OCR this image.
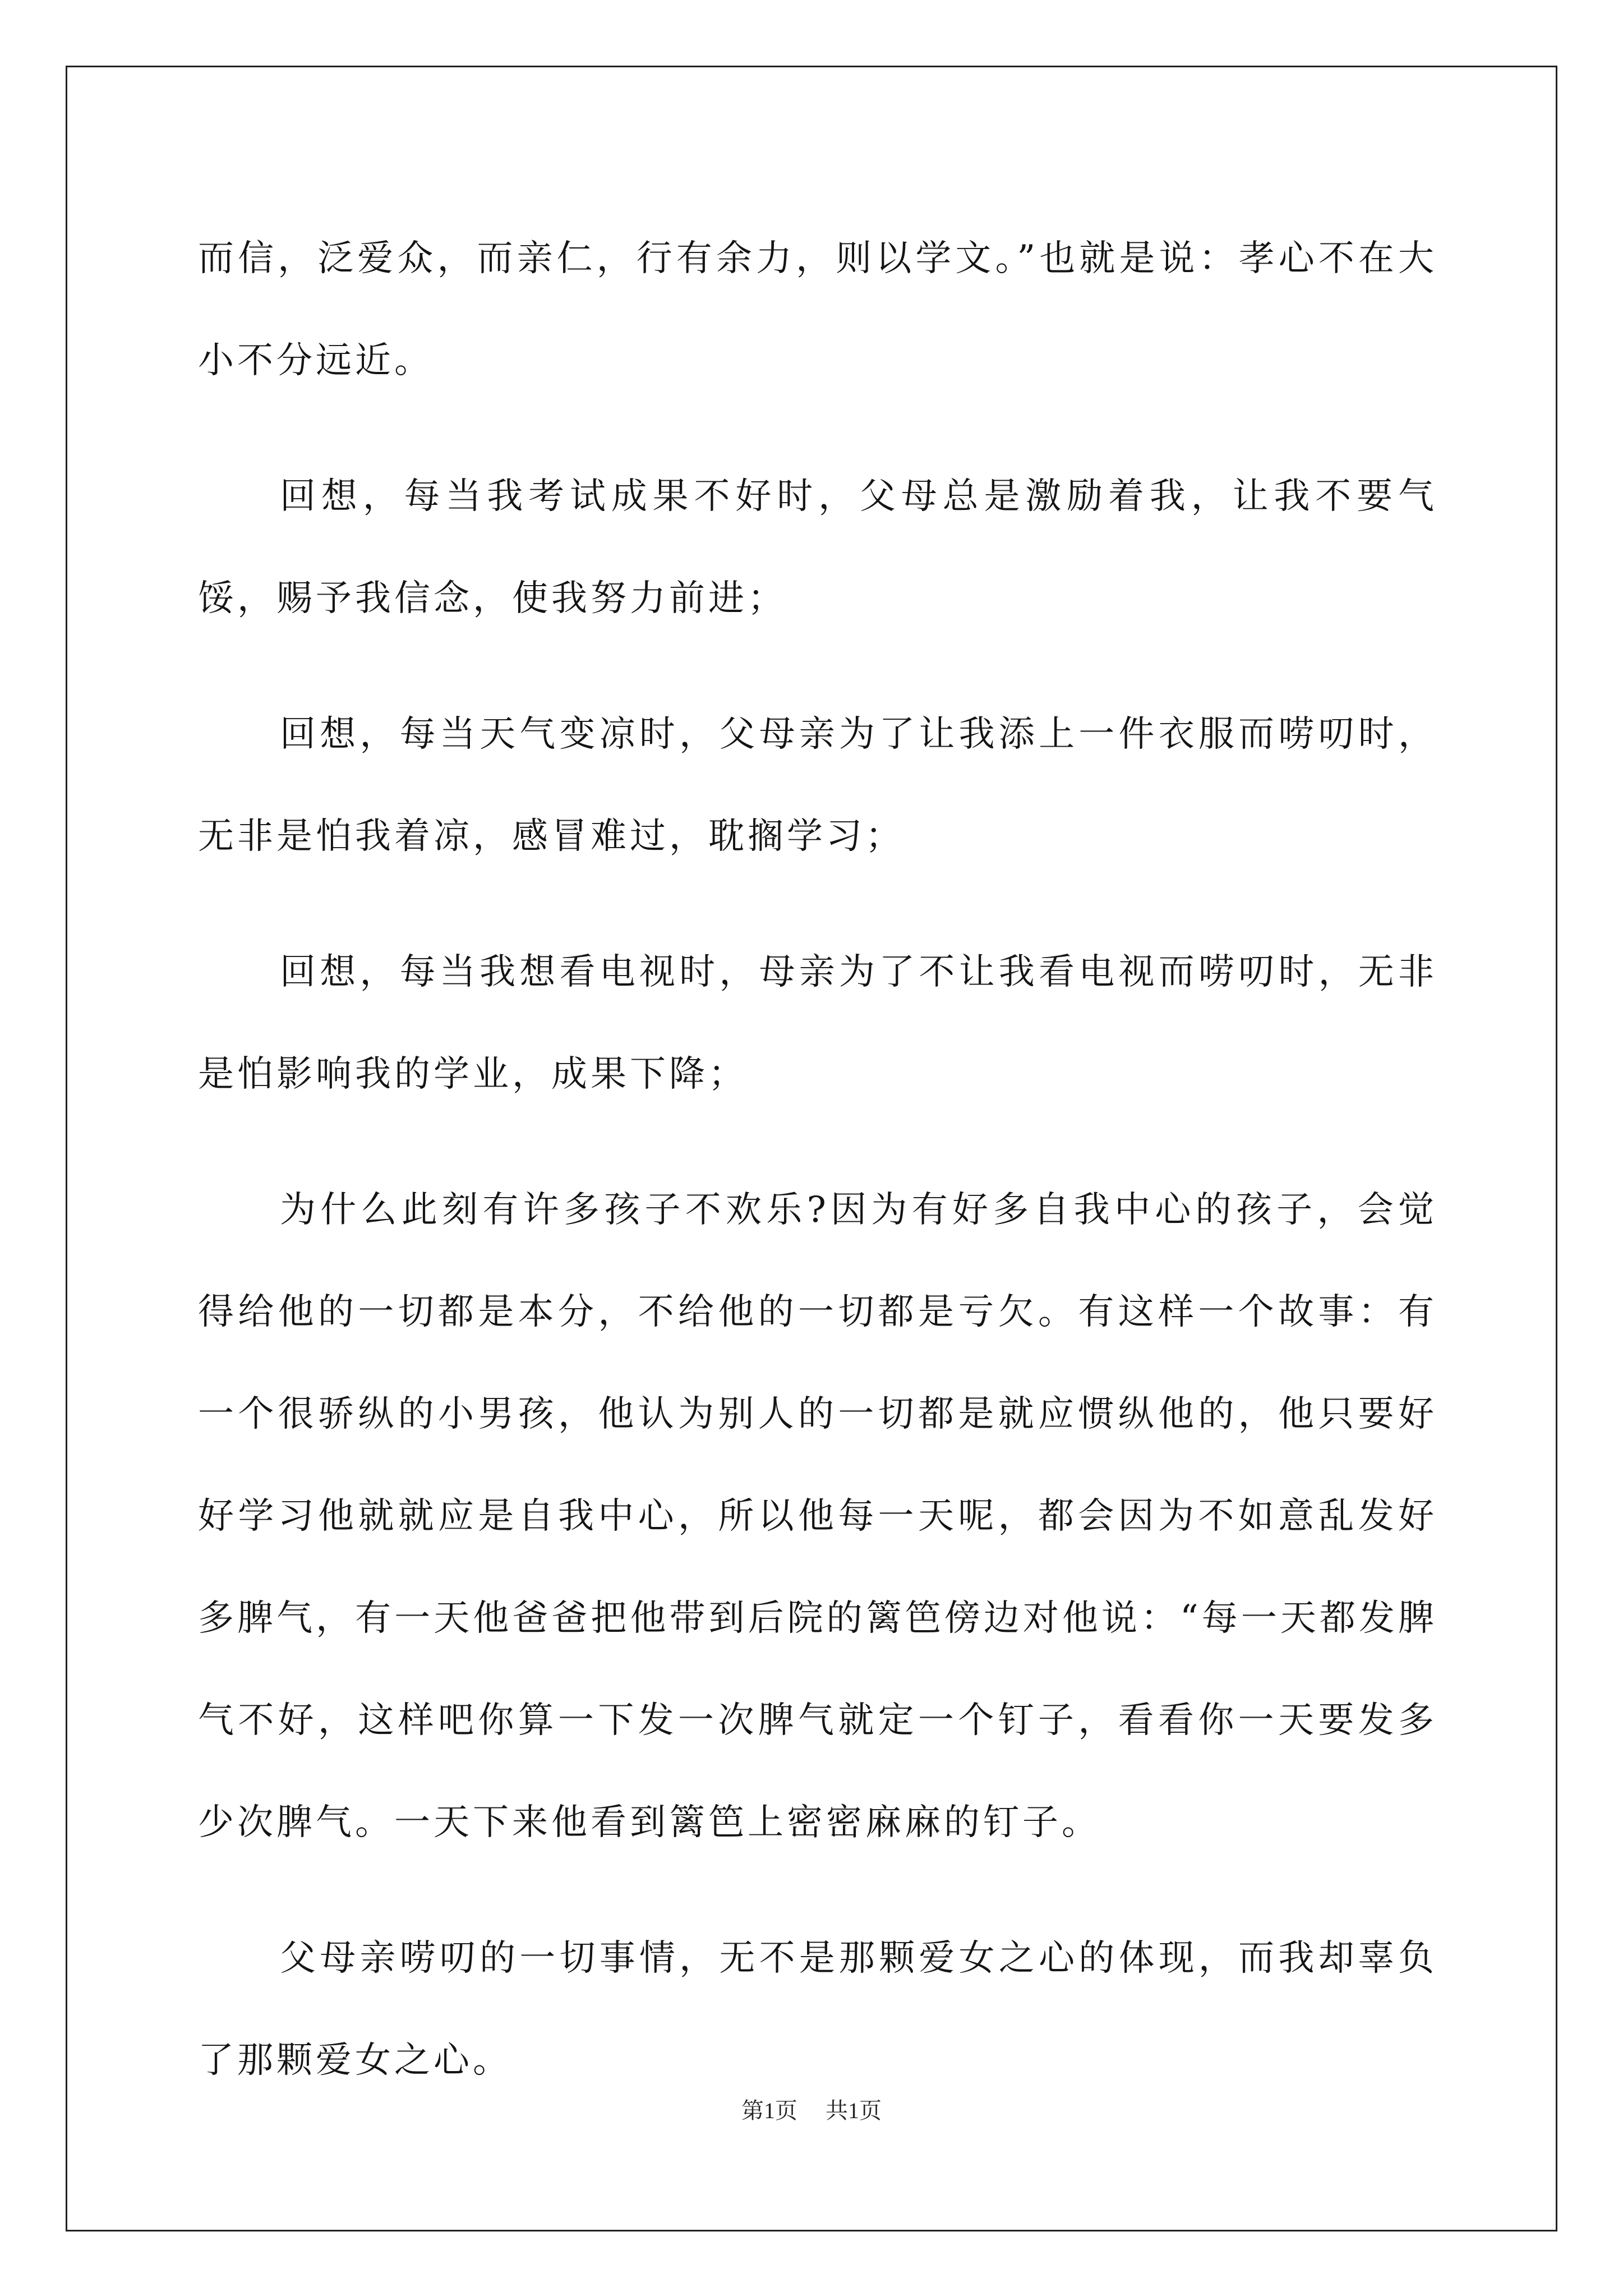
而信，泛爱众，而亲仁，行有余力，则以学文。”也就是说：孝心不在大小不分远近。

回想，每当我考试成果不好时，父母总是激励着我，让我不要气馁，赐予我信念，使我努力前进；

回想，每当天气变凉时，父母亲为了让我添上一件衣服而唠叨时，无非是怕我着凉，感冒难过，耽搁学习；

回想，每当我想看电视时，母亲为了不让我看电视而唠叨时，无非是怕影响我的学业，成果下降；

为什么此刻有许多孩子不欢乐?因为有好多自我中心的孩子，会觉得给他的一切都是本分，不给他的一切都是亏欠。有这样一个故事：有一个很骄纵的小男孩，他认为别人的一切都是就应惯纵他的，他只要好好学习他就就应是自我中心，所以他每一天呢，都会因为不如意乱发好多脾气，有一天他爸爸把他带到后院的篱笆傍边对他说：“每一天都发脾气不好，这样吧你算一下发一次脾气就定一个钉子，看看你一天要发多少次脾气。一天下来他看到篱笆上密密麻麻的钉子。

父母亲唠叨的一切事情，无不是那颗爱女之心的体现，而我却辜负了那颗爱女之心。

第1页 共1页
